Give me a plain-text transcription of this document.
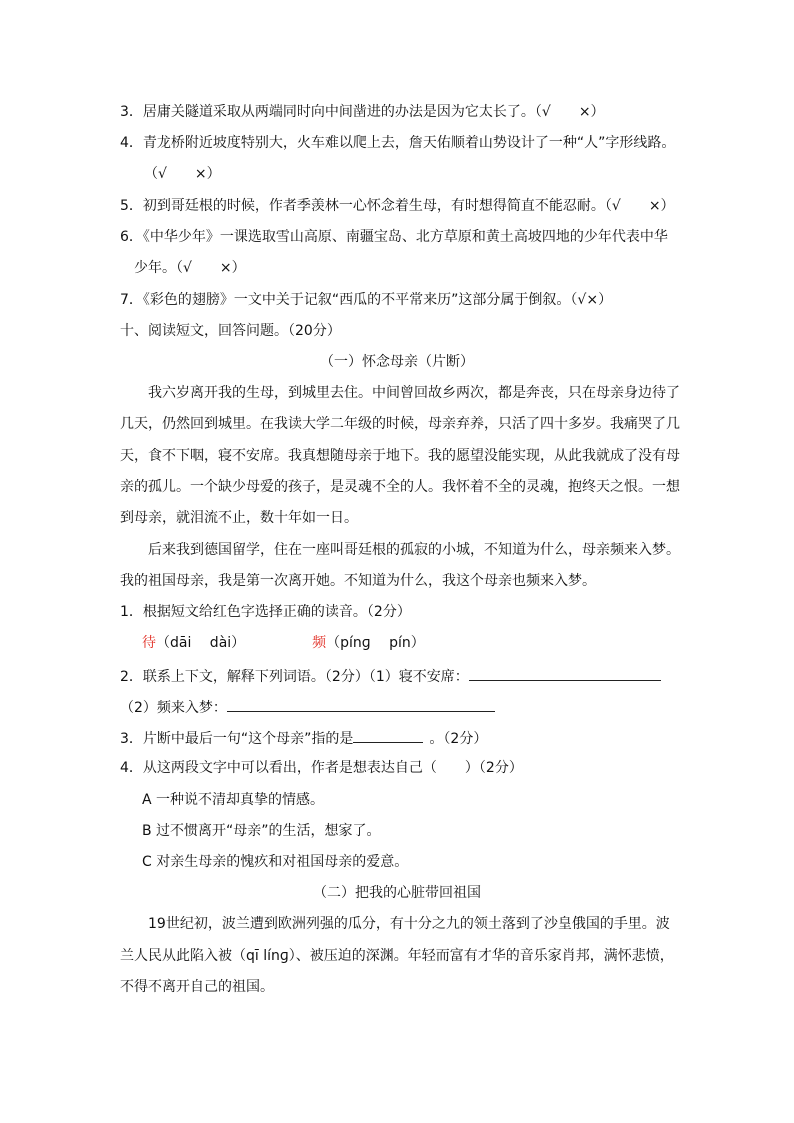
3．居庸关隧道采取从两端同时向中间凿进的办法是因为它太长了。（√　　×）
4．青龙桥附近坡度特别大，火车难以爬上去，詹天佑顺着山势设计了一种“人”字形线路。
（√　　×）
5．初到哥廷根的时候，作者季羡林一心怀念着生母，有时想得简直不能忍耐。（√　　×）
6．《中华少年》一课选取雪山高原、南疆宝岛、北方草原和黄土高坡四地的少年代表中华
少年。（√　　×）
7．《彩色的翅膀》一文中关于记叙“西瓜的不平常来历”这部分属于倒叙。（√×）
十、阅读短文，回答问题。（20分）
（一）怀念母亲（片断）
我六岁离开我的生母，到城里去住。中间曾回故乡两次，都是奔丧，只在母亲身边待了
几天，仍然回到城里。在我读大学二年级的时候，母亲弃养，只活了四十多岁。我痛哭了几
天，食不下咽，寝不安席。我真想随母亲于地下。我的愿望没能实现，从此我就成了没有母
亲的孤儿。一个缺少母爱的孩子，是灵魂不全的人。我怀着不全的灵魂，抱终天之恨。一想
到母亲，就泪流不止，数十年如一日。
后来我到德国留学，住在一座叫哥廷根的孤寂的小城，不知道为什么，母亲频来入梦。
我的祖国母亲，我是第一次离开她。不知道为什么，我这个母亲也频来入梦。
1．根据短文给红色字选择正确的读音。（2分）
待（dāi　 dài）	频（pínɡ　 pín）
2．联系上下文，解释下列词语。（2分）（1）寝不安席：
（2）频来入梦：
3．片断中最后一句“这个母亲”指的是	。（2分）
4．从这两段文字中可以看出，作者是想表达自己（　　）（2分）
A 一种说不清却真挚的情感。
B 过不惯离开“母亲”的生活，想家了。
C 对亲生母亲的愧疚和对祖国母亲的爱意。
（二）把我的心脏带回祖国
19世纪初，波兰遭到欧洲列强的瓜分，有十分之九的领土落到了沙皇俄国的手里。波
兰人民从此陷入被（qī línɡ）、被压迫的深渊。年轻而富有才华的音乐家肖邦，满怀悲愤，
不得不离开自己的祖国。
